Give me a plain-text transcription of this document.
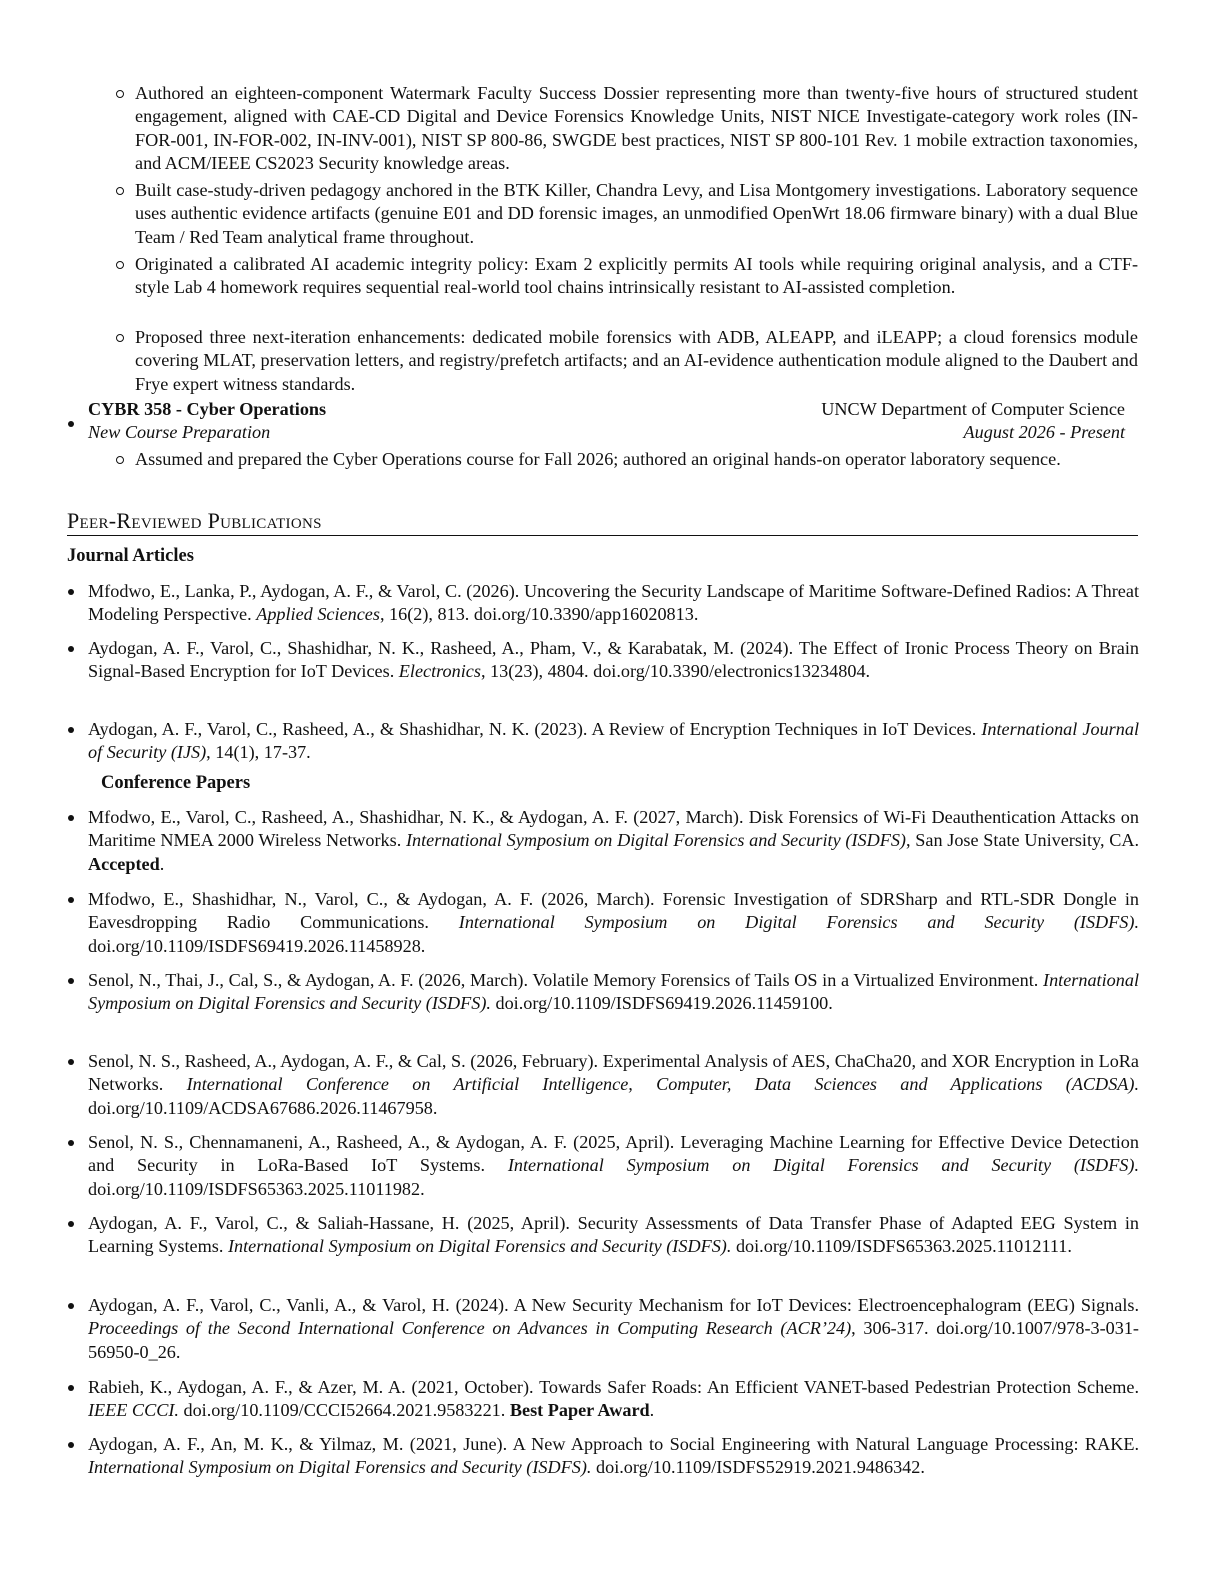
Authored an eighteen-component Watermark Faculty Success Dossier representing more than twenty-five hours of structured student engagement, aligned with CAE-CD Digital and Device Forensics Knowledge Units, NIST NICE Investigate-category work roles (IN-FOR-001, IN-FOR-002, IN-INV-001), NIST SP 800-86, SWGDE best practices, NIST SP 800-101 Rev. 1 mobile extraction taxonomies, and ACM/IEEE CS2023 Security knowledge areas.
Built case-study-driven pedagogy anchored in the BTK Killer, Chandra Levy, and Lisa Montgomery investigations. Laboratory sequence uses authentic evidence artifacts (genuine E01 and DD forensic images, an unmodified OpenWrt 18.06 firmware binary) with a dual Blue Team / Red Team analytical frame throughout.
Originated a calibrated AI academic integrity policy: Exam 2 explicitly permits AI tools while requiring original analysis, and a CTF-style Lab 4 homework requires sequential real-world tool chains intrinsically resistant to AI-assisted completion.
Proposed three next-iteration enhancements: dedicated mobile forensics with ADB, ALEAPP, and iLEAPP; a cloud forensics module covering MLAT, preservation letters, and registry/prefetch artifacts; and an AI-evidence authentication module aligned to the Daubert and Frye expert witness standards.
CYBR 358 - Cyber Operations	UNCW Department of Computer Science
New Course Preparation	August 2026 - Present
Assumed and prepared the Cyber Operations course for Fall 2026; authored an original hands-on operator laboratory sequence.
Peer-Reviewed Publications
Journal Articles
Mfodwo, E., Lanka, P., Aydogan, A. F., & Varol, C. (2026). Uncovering the Security Landscape of Maritime Software-Defined Radios: A Threat Modeling Perspective. Applied Sciences, 16(2), 813. doi.org/10.3390/app16020813.
Aydogan, A. F., Varol, C., Shashidhar, N. K., Rasheed, A., Pham, V., & Karabatak, M. (2024). The Effect of Ironic Process Theory on Brain Signal-Based Encryption for IoT Devices. Electronics, 13(23), 4804. doi.org/10.3390/electronics13234804.
Aydogan, A. F., Varol, C., Rasheed, A., & Shashidhar, N. K. (2023). A Review of Encryption Techniques in IoT Devices. International Journal of Security (IJS), 14(1), 17-37.
Conference Papers
Mfodwo, E., Varol, C., Rasheed, A., Shashidhar, N. K., & Aydogan, A. F. (2027, March). Disk Forensics of Wi-Fi Deauthentication Attacks on Maritime NMEA 2000 Wireless Networks. International Symposium on Digital Forensics and Security (ISDFS), San Jose State University, CA. Accepted.
Mfodwo, E., Shashidhar, N., Varol, C., & Aydogan, A. F. (2026, March). Forensic Investigation of SDRSharp and RTL-SDR Dongle in Eavesdropping Radio Communications. International Symposium on Digital Forensics and Security (ISDFS). doi.org/10.1109/ISDFS69419.2026.11458928.
Senol, N., Thai, J., Cal, S., & Aydogan, A. F. (2026, March). Volatile Memory Forensics of Tails OS in a Virtualized Environment. International Symposium on Digital Forensics and Security (ISDFS). doi.org/10.1109/ISDFS69419.2026.11459100.
Senol, N. S., Rasheed, A., Aydogan, A. F., & Cal, S. (2026, February). Experimental Analysis of AES, ChaCha20, and XOR Encryption in LoRa Networks. International Conference on Artificial Intelligence, Computer, Data Sciences and Applications (ACDSA). doi.org/10.1109/ACDSA67686.2026.11467958.
Senol, N. S., Chennamaneni, A., Rasheed, A., & Aydogan, A. F. (2025, April). Leveraging Machine Learning for Effective Device Detection and Security in LoRa-Based IoT Systems. International Symposium on Digital Forensics and Security (ISDFS). doi.org/10.1109/ISDFS65363.2025.11011982.
Aydogan, A. F., Varol, C., & Saliah-Hassane, H. (2025, April). Security Assessments of Data Transfer Phase of Adapted EEG System in Learning Systems. International Symposium on Digital Forensics and Security (ISDFS). doi.org/10.1109/ISDFS65363.2025.11012111.
Aydogan, A. F., Varol, C., Vanli, A., & Varol, H. (2024). A New Security Mechanism for IoT Devices: Electroencephalogram (EEG) Signals. Proceedings of the Second International Conference on Advances in Computing Research (ACR’24), 306-317. doi.org/10.1007/978-3-031-56950-0_26.
Rabieh, K., Aydogan, A. F., & Azer, M. A. (2021, October). Towards Safer Roads: An Efficient VANET-based Pedestrian Protection Scheme. IEEE CCCI. doi.org/10.1109/CCCI52664.2021.9583221. Best Paper Award.
Aydogan, A. F., An, M. K., & Yilmaz, M. (2021, June). A New Approach to Social Engineering with Natural Language Processing: RAKE. International Symposium on Digital Forensics and Security (ISDFS). doi.org/10.1109/ISDFS52919.2021.9486342.
